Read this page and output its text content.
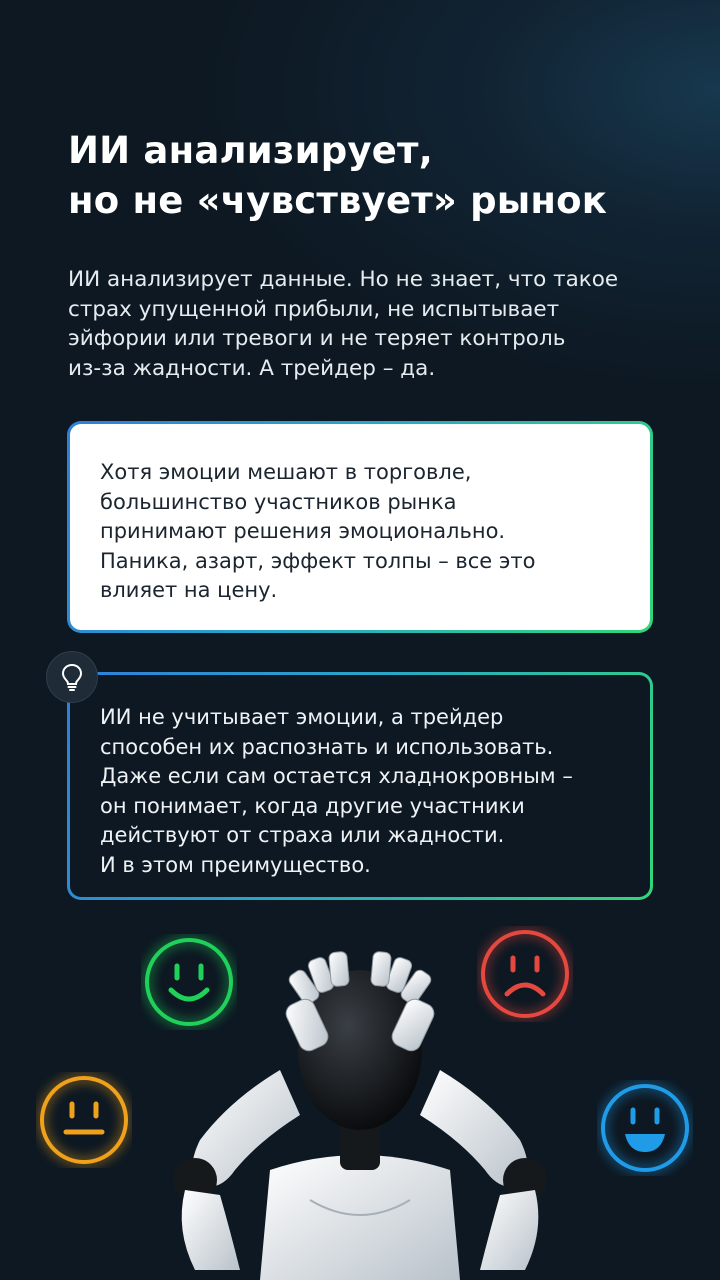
ИИ анализирует,
но не «чувствует» рынок
ИИ анализирует данные. Но не знает, что такое
страх упущенной прибыли, не испытывает
эйфории или тревоги и не теряет контроль
из-за жадности. А трейдер – да.
Хотя эмоции мешают в торговле,
большинство участников рынка
принимают решения эмоционально.
Паника, азарт, эффект толпы – все это
влияет на цену.
ИИ не учитывает эмоции, а трейдер
способен их распознать и использовать.
Даже если сам остается хладнокровным –
он понимает, когда другие участники
действуют от страха или жадности.
И в этом преимущество.
